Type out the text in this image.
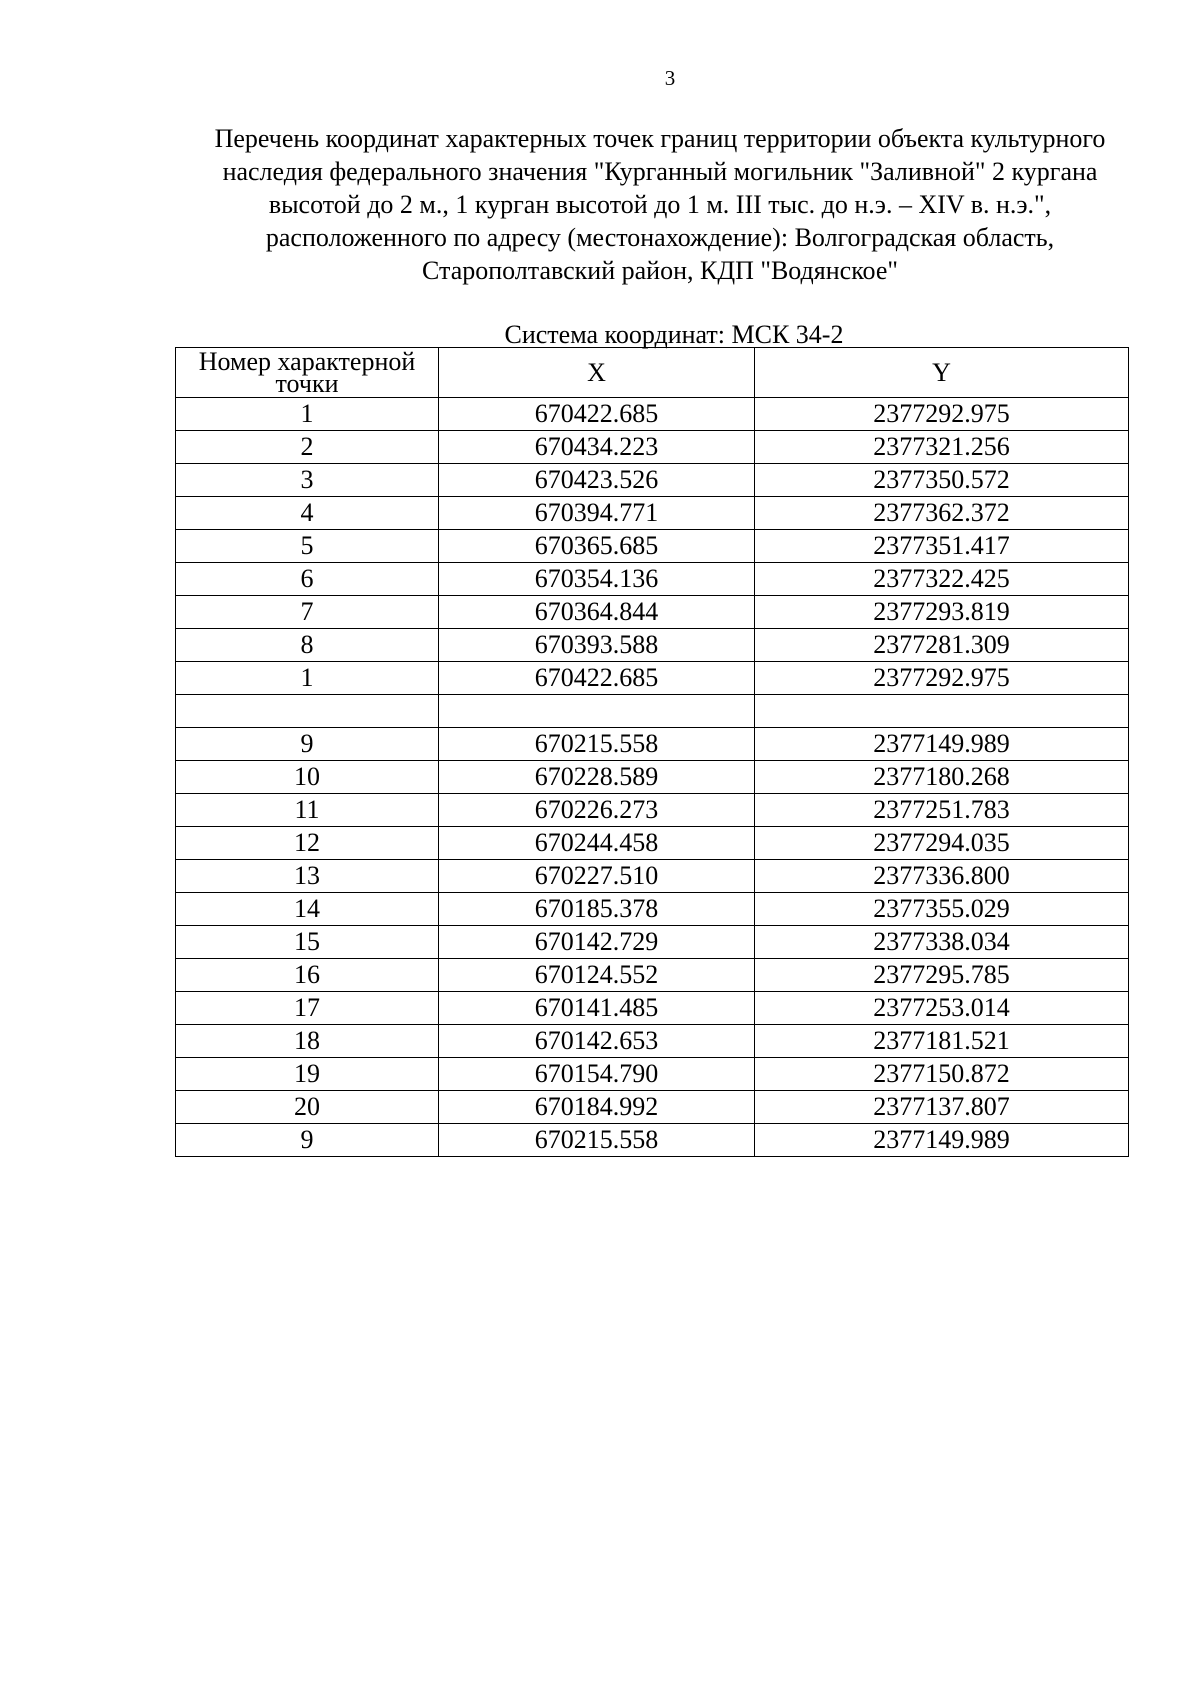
3
Перечень координат характерных точек границ территории объекта культурного
наследия федерального значения "Курганный могильник "Заливной" 2 кургана
высотой до 2 м., 1 курган высотой до 1 м. III тыс. до н.э. – XIV в. н.э.",
расположенного по адресу (местонахождение): Волгоградская область,
Старополтавский район, КДП "Водянское"
Система координат: МСК 34-2
Номер характерной точки	X	Y
1	670422.685	2377292.975
2	670434.223	2377321.256
3	670423.526	2377350.572
4	670394.771	2377362.372
5	670365.685	2377351.417
6	670354.136	2377322.425
7	670364.844	2377293.819
8	670393.588	2377281.309
1	670422.685	2377292.975

9	670215.558	2377149.989
10	670228.589	2377180.268
11	670226.273	2377251.783
12	670244.458	2377294.035
13	670227.510	2377336.800
14	670185.378	2377355.029
15	670142.729	2377338.034
16	670124.552	2377295.785
17	670141.485	2377253.014
18	670142.653	2377181.521
19	670154.790	2377150.872
20	670184.992	2377137.807
9	670215.558	2377149.989
